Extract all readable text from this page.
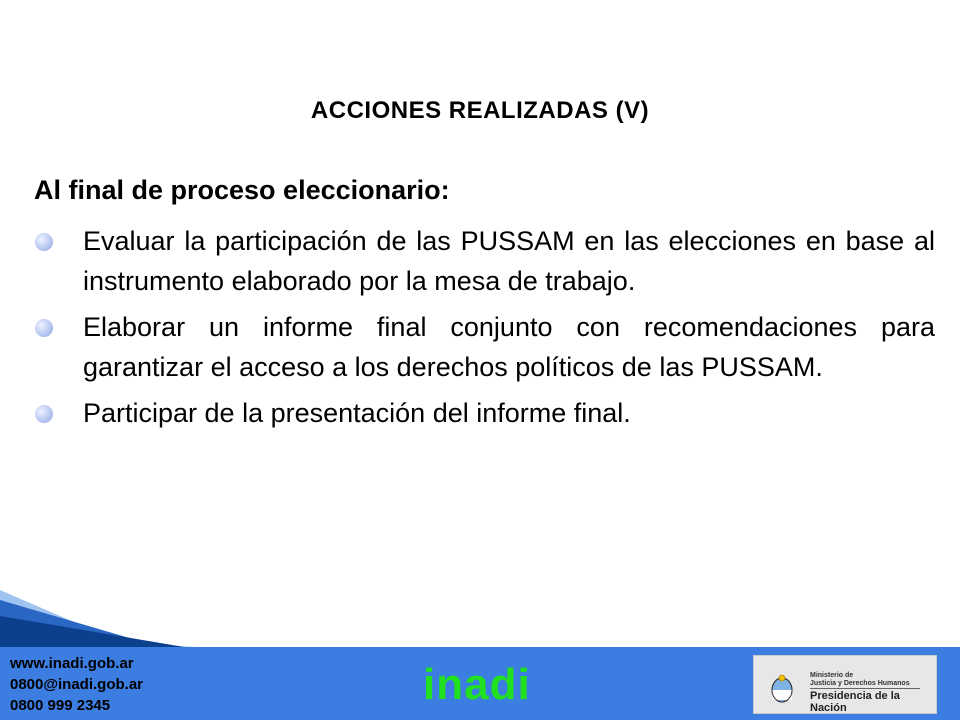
ACCIONES REALIZADAS (V)
Al final de proceso eleccionario:
Evaluar la participación de las PUSSAM en las elecciones en base al instrumento elaborado por la mesa de trabajo.
Elaborar un informe final conjunto con recomendaciones para garantizar el acceso a los derechos políticos de las PUSSAM.
Participar de la presentación del informe final.
www.inadi.gob.ar
0800@inadi.gob.ar
0800 999 2345	inadi	Ministerio de
Justicia y Derechos Humanos
Presidencia de la Nación
